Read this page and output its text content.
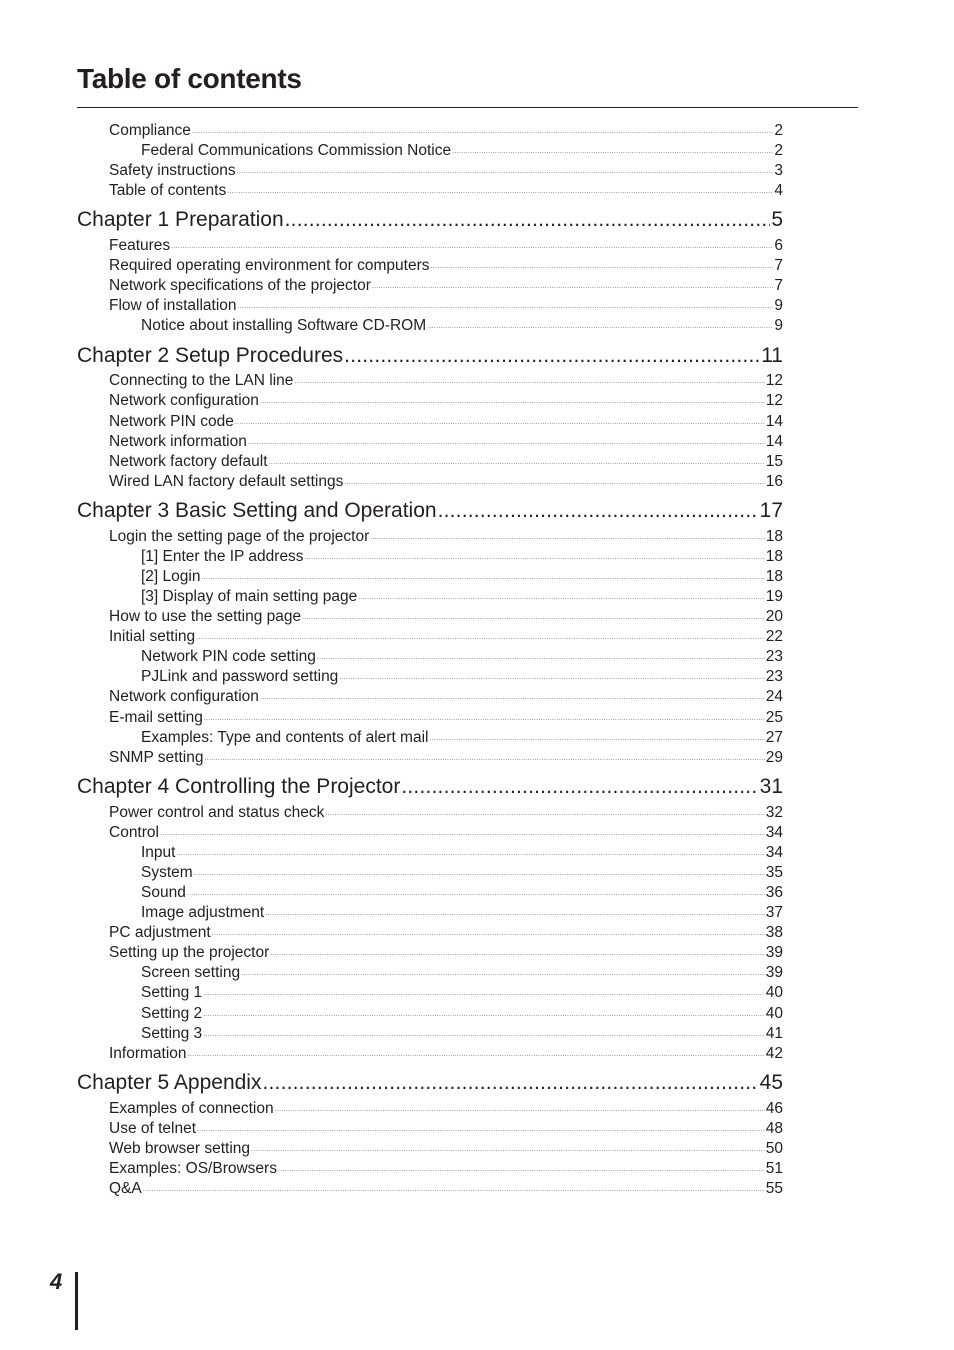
Table of contents
Compliance .....	2
Federal Communications Commission Notice .....	2
Safety instructions .....	3
Table of contents .....	4
Chapter 1 Preparation .....	5
Features .....	6
Required operating environment for computers .....	7
Network specifications of the projector .....	7
Flow of installation .....	9
Notice about installing Software CD-ROM .....	9
Chapter 2 Setup Procedures .....	11
Connecting to the LAN line .....	12
Network configuration .....	12
Network PIN code .....	14
Network information .....	14
Network factory default .....	15
Wired LAN factory default settings .....	16
Chapter 3 Basic Setting and Operation .....	17
Login the setting page of the projector .....	18
[1] Enter the IP address .....	18
[2] Login .....	18
[3] Display of main setting page .....	19
How to use the setting page .....	20
Initial setting .....	22
Network PIN code setting .....	23
PJLink and password setting .....	23
Network configuration .....	24
E-mail setting .....	25
Examples: Type and contents of alert mail .....	27
SNMP setting .....	29
Chapter 4 Controlling the Projector .....	31
Power control and status check .....	32
Control .....	34
Input .....	34
System .....	35
Sound .....	36
Image adjustment .....	37
PC adjustment .....	38
Setting up the projector .....	39
Screen setting .....	39
Setting 1 .....	40
Setting 2 .....	40
Setting 3 .....	41
Information .....	42
Chapter 5 Appendix .....	45
Examples of connection .....	46
Use of telnet .....	48
Web browser setting .....	50
Examples: OS/Browsers .....	51
Q&A .....	55
4
